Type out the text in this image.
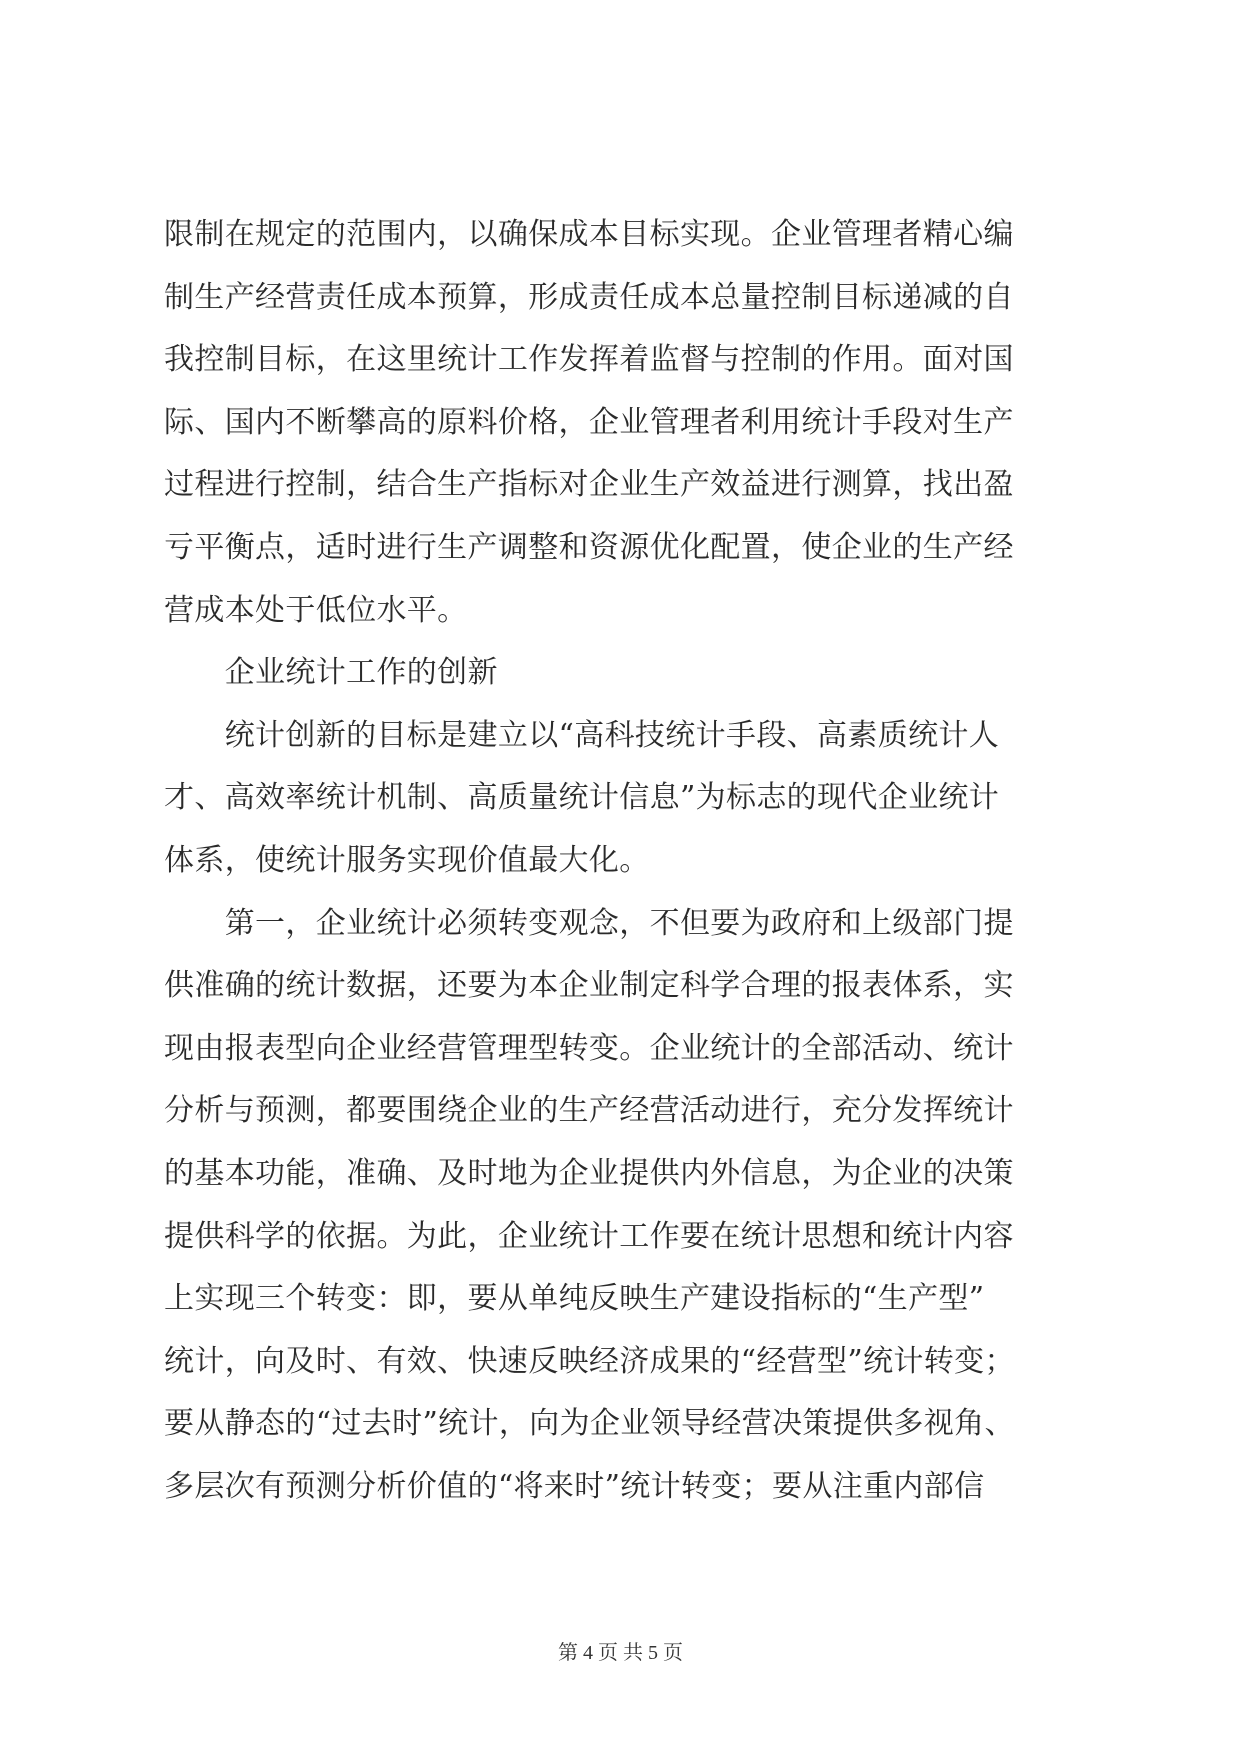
限制在规定的范围内，以确保成本目标实现。企业管理者精心编
制生产经营责任成本预算，形成责任成本总量控制目标递减的自
我控制目标，在这里统计工作发挥着监督与控制的作用。面对国
际、国内不断攀高的原料价格，企业管理者利用统计手段对生产
过程进行控制，结合生产指标对企业生产效益进行测算，找出盈
亏平衡点，适时进行生产调整和资源优化配置，使企业的生产经
营成本处于低位水平。
　　企业统计工作的创新
　　统计创新的目标是建立以“高科技统计手段、高素质统计人
才、高效率统计机制、高质量统计信息”为标志的现代企业统计
体系，使统计服务实现价值最大化。
　　第一，企业统计必须转变观念，不但要为政府和上级部门提
供准确的统计数据，还要为本企业制定科学合理的报表体系，实
现由报表型向企业经营管理型转变。企业统计的全部活动、统计
分析与预测，都要围绕企业的生产经营活动进行，充分发挥统计
的基本功能，准确、及时地为企业提供内外信息，为企业的决策
提供科学的依据。为此，企业统计工作要在统计思想和统计内容
上实现三个转变：即，要从单纯反映生产建设指标的“生产型”
统计，向及时、有效、快速反映经济成果的“经营型”统计转变；
要从静态的“过去时”统计，向为企业领导经营决策提供多视角、
多层次有预测分析价值的“将来时”统计转变；要从注重内部信
第 4 页 共 5 页
